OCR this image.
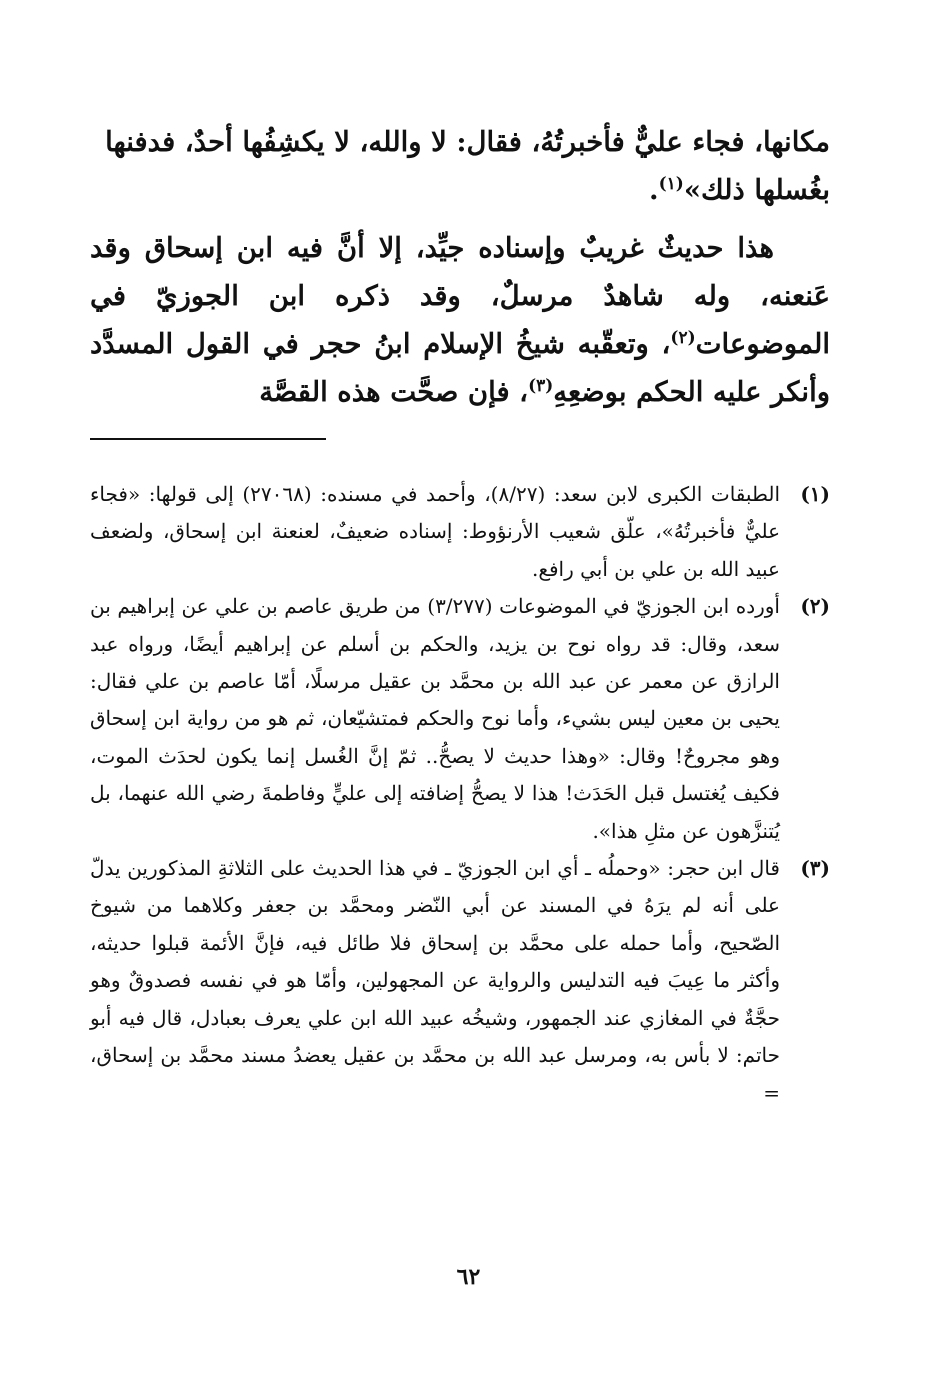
مكانها، فجاء عليٌّ فأخبرتُهُ، فقال: لا والله، لا يكشِفُها أحدٌ، فدفنها بغُسلها ذلك»$^{(١)}$.

هذا حديثٌ غريبٌ وإسناده جيِّد، إلا أنَّ فيه ابن إسحاق وقد عَنعنه، وله شاهدٌ مرسلٌ، وقد ذكره ابن الجوزيّ في الموضوعات$^{(٢)}$، وتعقّبه شيخُ الإسلام ابنُ حجر في القول المسدَّد وأنكر عليه الحكم بوضعِهِ$^{(٣)}$، فإن صحَّت هذه القصَّة

(١)
الطبقات الكبرى لابن سعد: (٨/٢٧)، وأحمد في مسنده: (٢٧٠٦٨) إلى قولها: «فجاء عليٌّ فأخبرتُهُ»، علّق شعيب الأرنؤوط: إسناده ضعيفٌ، لعنعنة ابن إسحاق، ولضعف عبيد الله بن علي بن أبي رافع.
(٢)
أورده ابن الجوزيّ في الموضوعات (٣/٢٧٧) من طريق عاصم بن علي عن إبراهيم بن سعد، وقال: قد رواه نوح بن يزيد، والحكم بن أسلم عن إبراهيم أيضًا، ورواه عبد الرازق عن معمر عن عبد الله بن محمَّد بن عقيل مرسلًا، أمّا عاصم بن علي فقال: يحيى بن معين ليس بشيء، وأما نوح والحكم فمتشيّعان، ثم هو من رواية ابن إسحاق وهو مجروحٌ! وقال: «وهذا حديث لا يصحُّ.. ثمّ إنَّ الغُسل إنما يكون لحدَث الموت، فكيف يُغتسل قبل الحَدَث! هذا لا يصحُّ إضافته إلى عليٍّ وفاطمةَ رضي الله عنهما، بل يُتنزَّهون عن مثلِ هذا».
(٣)
قال ابن حجر: «وحملُه ـ أي ابن الجوزيّ ـ في هذا الحديث على الثلاثةِ المذكورين يدلّ على أنه لم يرَهُ في المسند عن أبي النّضر ومحمَّد بن جعفر وكلاهما من شيوخ الصّحيح، وأما حمله على محمَّد بن إسحاق فلا طائل فيه، فإنَّ الأئمة قبلوا حديثه، وأكثر ما عِيبَ فيه التدليس والرواية عن المجهولين، وأمّا هو في نفسه فصدوقٌ وهو حجَّةٌ في المغازي عند الجمهور، وشيخُه عبيد الله ابن علي يعرف بعبادل، قال فيه أبو حاتم: لا بأس به، ومرسل عبد الله بن محمَّد بن عقيل يعضدُ مسند محمَّد بن إسحاق، =
٦٢
